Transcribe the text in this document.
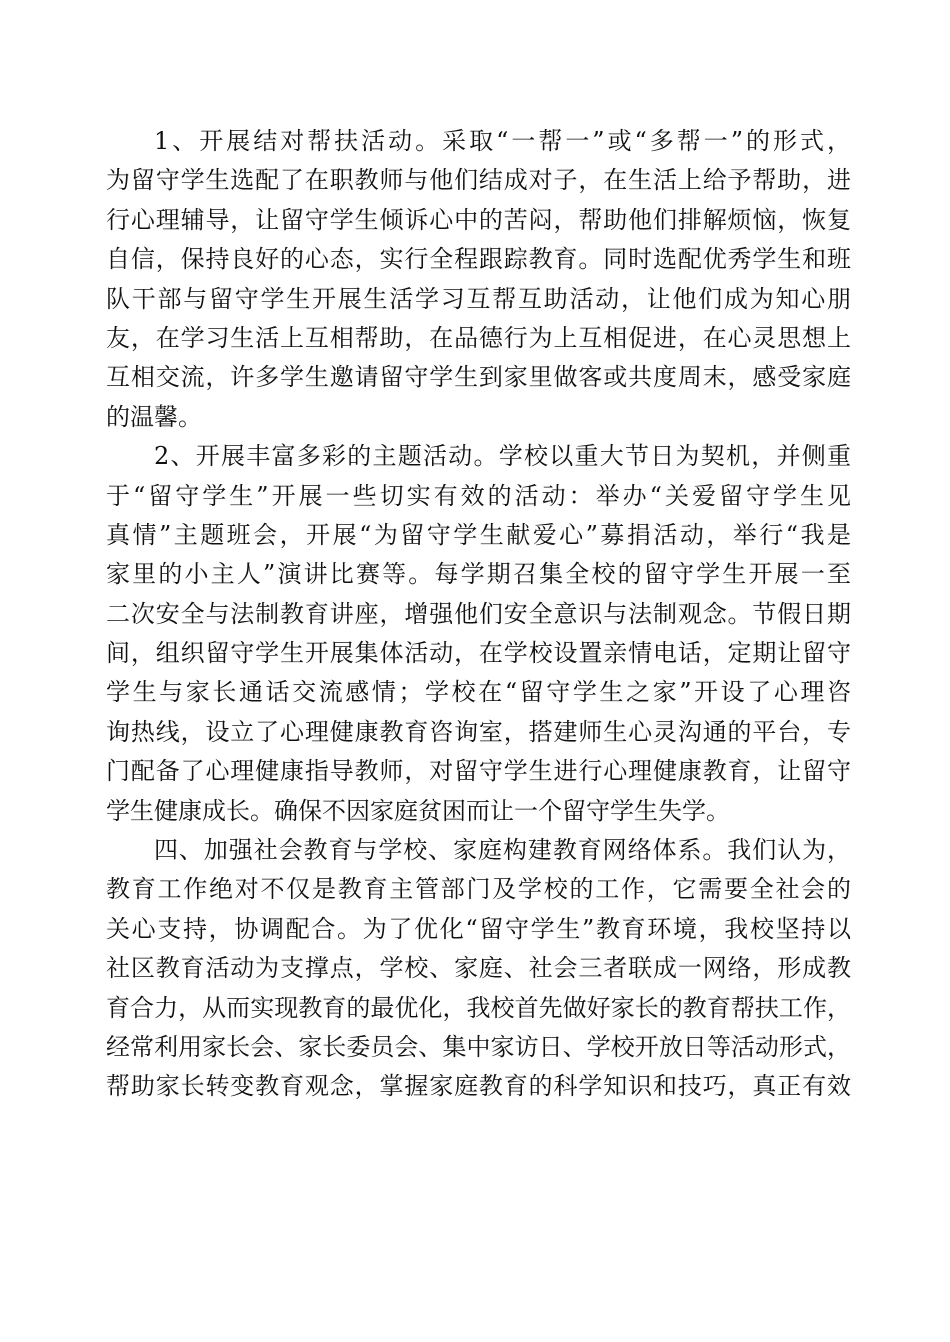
1、开展结对帮扶活动。采取“一帮一”或“多帮一”的形式，
为留守学生选配了在职教师与他们结成对子，在生活上给予帮助，进
行心理辅导，让留守学生倾诉心中的苦闷，帮助他们排解烦恼，恢复
自信，保持良好的心态，实行全程跟踪教育。同时选配优秀学生和班
队干部与留守学生开展生活学习互帮互助活动，让他们成为知心朋
友，在学习生活上互相帮助，在品德行为上互相促进，在心灵思想上
互相交流，许多学生邀请留守学生到家里做客或共度周末，感受家庭
的温馨。
2、开展丰富多彩的主题活动。学校以重大节日为契机，并侧重
于“留守学生”开展一些切实有效的活动：举办“关爱留守学生见
真情”主题班会，开展“为留守学生献爱心”募捐活动，举行“我是
家里的小主人”演讲比赛等。每学期召集全校的留守学生开展一至
二次安全与法制教育讲座，增强他们安全意识与法制观念。节假日期
间，组织留守学生开展集体活动，在学校设置亲情电话，定期让留守
学生与家长通话交流感情；学校在“留守学生之家”开设了心理咨
询热线，设立了心理健康教育咨询室，搭建师生心灵沟通的平台，专
门配备了心理健康指导教师，对留守学生进行心理健康教育，让留守
学生健康成长。确保不因家庭贫困而让一个留守学生失学。
四、加强社会教育与学校、家庭构建教育网络体系。我们认为，
教育工作绝对不仅是教育主管部门及学校的工作，它需要全社会的
关心支持，协调配合。为了优化“留守学生”教育环境，我校坚持以
社区教育活动为支撑点，学校、家庭、社会三者联成一网络，形成教
育合力，从而实现教育的最优化，我校首先做好家长的教育帮扶工作，
经常利用家长会、家长委员会、集中家访日、学校开放日等活动形式，
帮助家长转变教育观念，掌握家庭教育的科学知识和技巧，真正有效
